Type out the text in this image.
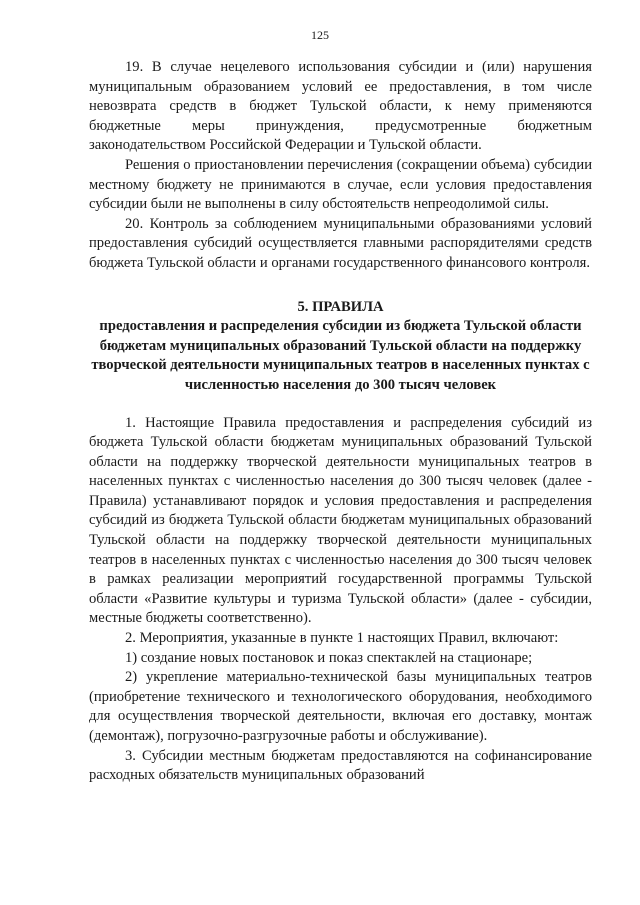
125

19. В случае нецелевого использования субсидии и (или) нарушения муниципальным образованием условий ее предоставления, в том числе невозврата средств в бюджет Тульской области, к нему применяются бюджетные меры принуждения, предусмотренные бюджетным законодательством Российской Федерации и Тульской области.

Решения о приостановлении перечисления (сокращении объема) субсидии местному бюджету не принимаются в случае, если условия предоставления субсидии были не выполнены в силу обстоятельств непреодолимой силы.

20. Контроль за соблюдением муниципальными образованиями условий предоставления субсидий осуществляется главными распорядителями средств бюджета Тульской области и органами государственного финансового контроля.

5. ПРАВИЛА
предоставления и распределения субсидии из бюджета Тульской области бюджетам муниципальных образований Тульской области на поддержку творческой деятельности муниципальных театров в населенных пунктах с численностью населения до 300 тысяч человек

1. Настоящие Правила предоставления и распределения субсидий из бюджета Тульской области бюджетам муниципальных образований Тульской области на поддержку творческой деятельности муниципальных театров в населенных пунктах с численностью населения до 300 тысяч человек (далее - Правила) устанавливают порядок и условия предоставления и распределения субсидий из бюджета Тульской области бюджетам муниципальных образований Тульской области на поддержку творческой деятельности муниципальных театров в населенных пунктах с численностью населения до 300 тысяч человек в рамках реализации мероприятий государственной программы Тульской области «Развитие культуры и туризма Тульской области» (далее - субсидии, местные бюджеты соответственно).

2. Мероприятия, указанные в пункте 1 настоящих Правил, включают:

1) создание новых постановок и показ спектаклей на стационаре;

2) укрепление материально-технической базы муниципальных театров (приобретение технического и технологического оборудования, необходимого для осуществления творческой деятельности, включая его доставку, монтаж (демонтаж), погрузочно-разгрузочные работы и обслуживание).

3. Субсидии местным бюджетам предоставляются на софинансирование расходных обязательств муниципальных образований
